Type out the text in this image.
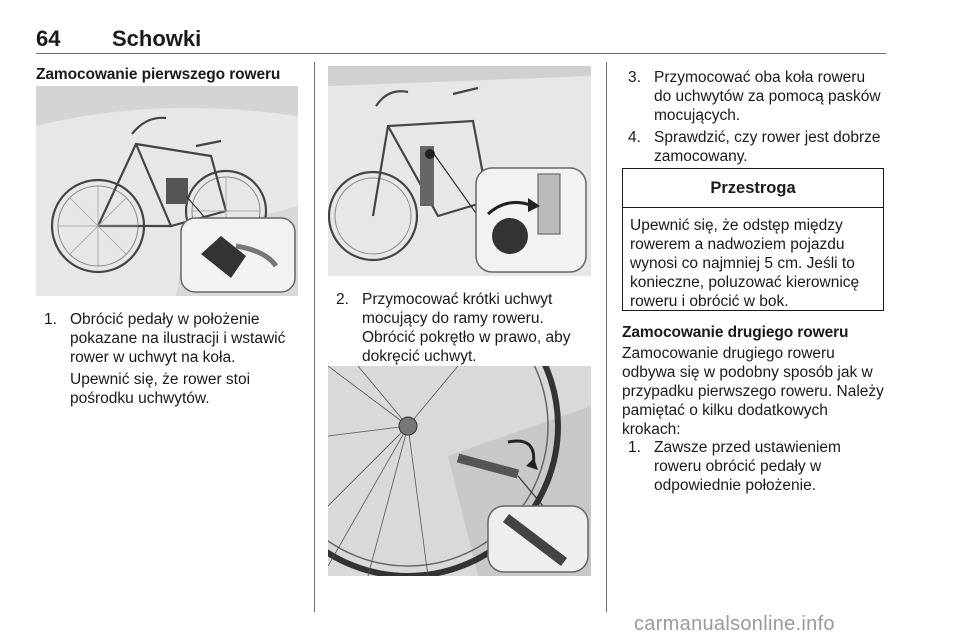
64 Schowki
Zamocowanie pierwszego roweru
1. Obrócić pedały w położenie pokazane na ilustracji i wstawić rower w uchwyt na koła.
Upewnić się, że rower stoi pośrodku uchwytów.
2. Przymocować krótki uchwyt mocujący do ramy roweru. Obrócić pokrętło w prawo, aby dokręcić uchwyt.
3. Przymocować oba koła roweru do uchwytów za pomocą pasków mocujących.
4. Sprawdzić, czy rower jest dobrze zamocowany.
Przestroga
Upewnić się, że odstęp między rowerem a nadwoziem pojazdu wynosi co najmniej 5 cm. Jeśli to konieczne, poluzować kierownicę roweru i obrócić w bok.
Zamocowanie drugiego roweru
Zamocowanie drugiego roweru odbywa się w podobny sposób jak w przypadku pierwszego roweru. Należy pamiętać o kilku dodatkowych krokach:
1. Zawsze przed ustawieniem roweru obrócić pedały w odpowiednie położenie.
carmanualsonline.info
